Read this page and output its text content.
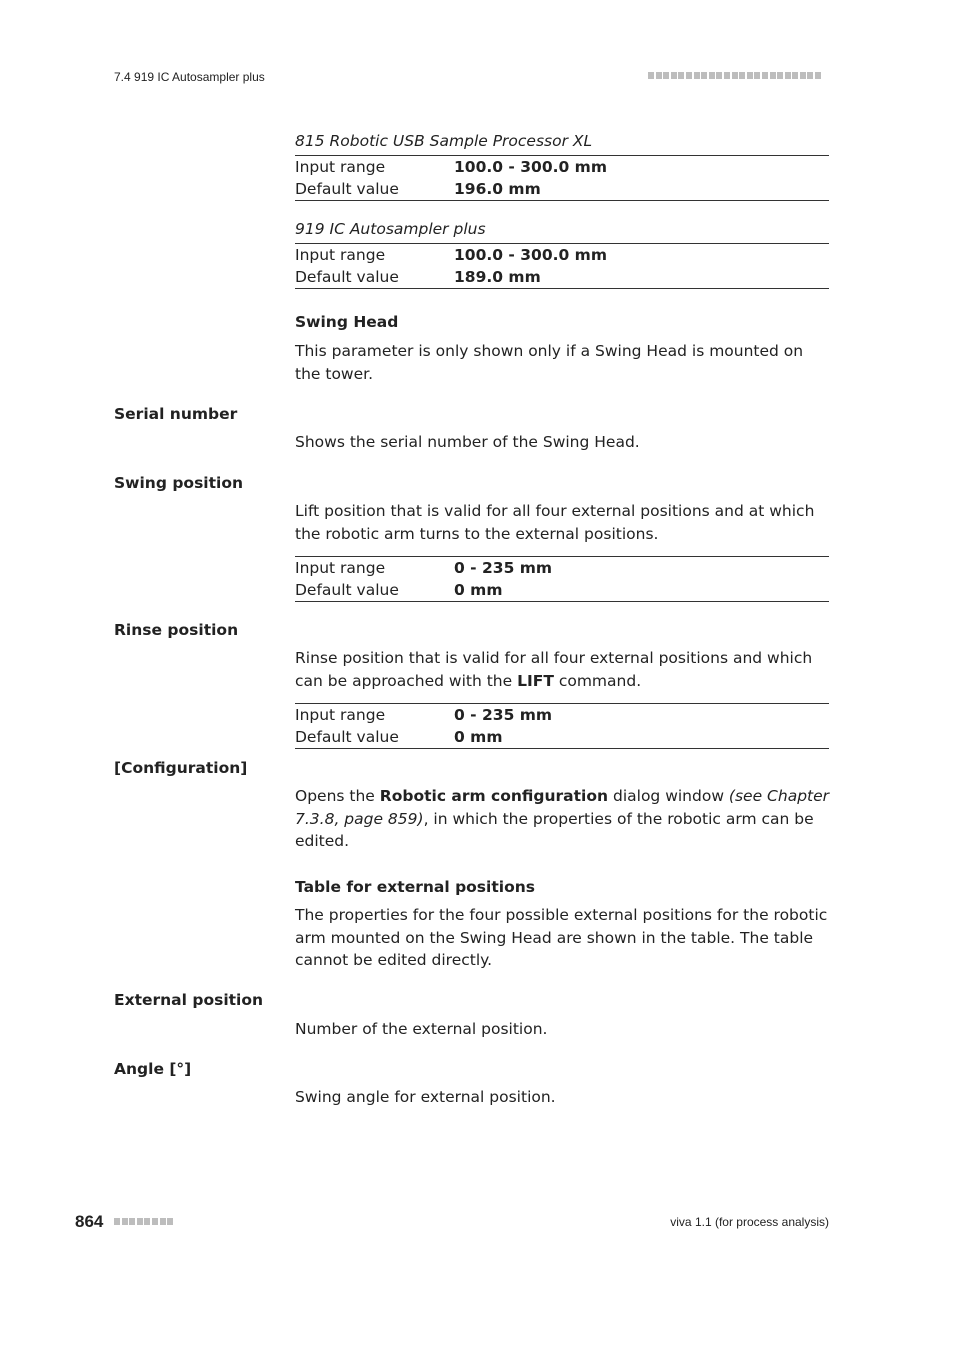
7.4 919 IC Autosampler plus
815 Robotic USB Sample Processor XL
Input range	100.0 - 300.0 mm
Default value	196.0 mm
919 IC Autosampler plus
Input range	100.0 - 300.0 mm
Default value	189.0 mm
Swing Head
This parameter is only shown only if a Swing Head is mounted on the tower.
Serial number
Shows the serial number of the Swing Head.
Swing position
Lift position that is valid for all four external positions and at which the robotic arm turns to the external positions.
Input range	0 - 235 mm
Default value	0 mm
Rinse position
Rinse position that is valid for all four external positions and which can be approached with the LIFT command.
Input range	0 - 235 mm
Default value	0 mm
[Configuration]
Opens the Robotic arm configuration dialog window (see Chapter 7.3.8, page 859), in which the properties of the robotic arm can be edited.
Table for external positions
The properties for the four possible external positions for the robotic arm mounted on the Swing Head are shown in the table. The table cannot be edited directly.
External position
Number of the external position.
Angle [°]
Swing angle for external position.
864	viva 1.1 (for process analysis)
